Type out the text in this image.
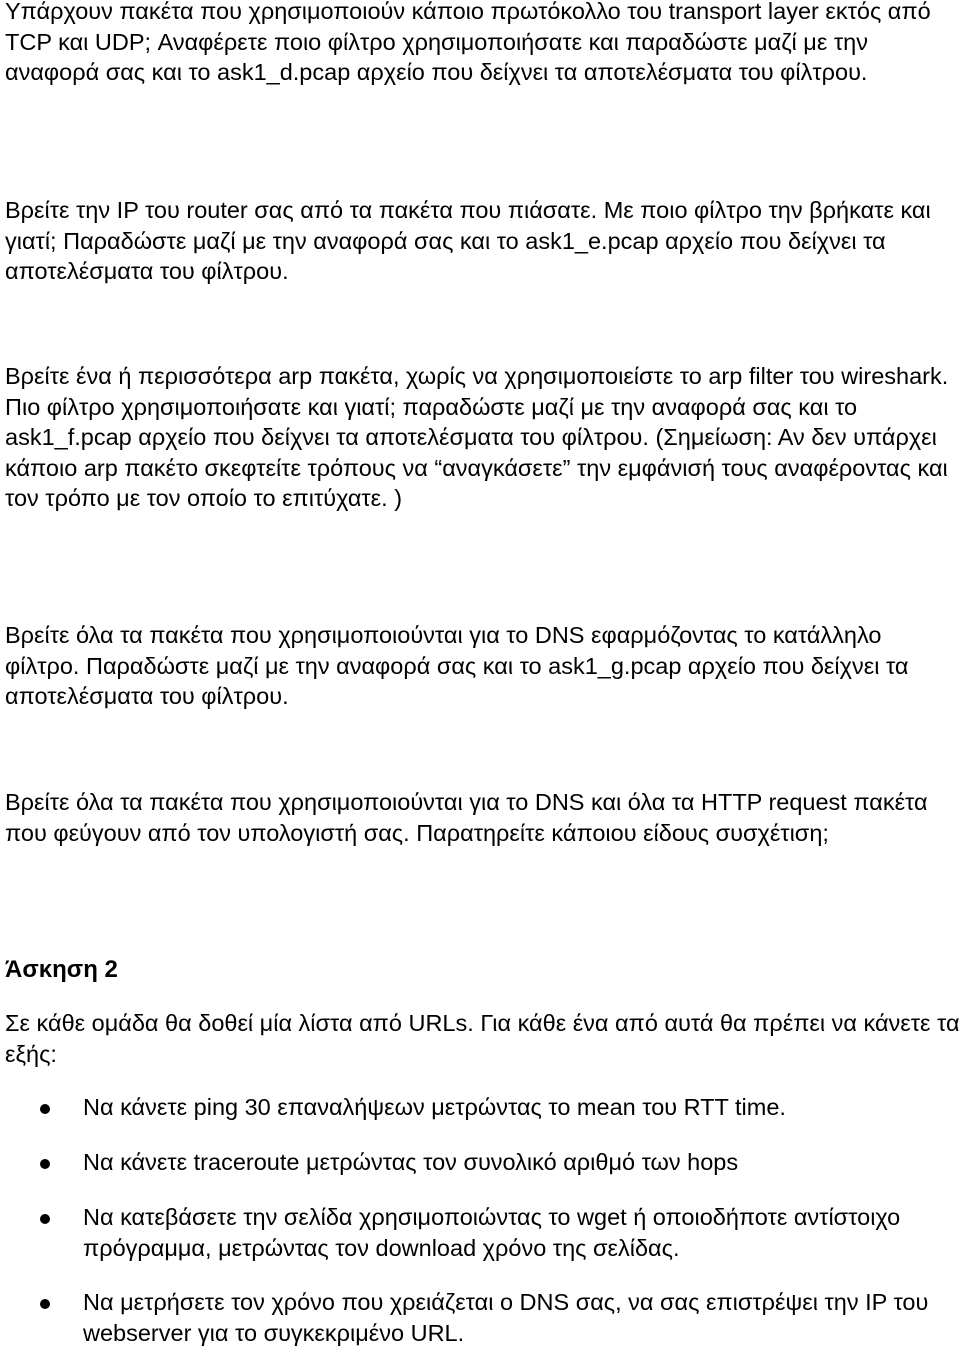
Υπάρχουν πακέτα που χρησιμοποιούν κάποιο πρωτόκολλο του transport layer εκτός από TCP και UDP; Αναφέρετε ποιο φίλτρο χρησιμοποιήσατε και παραδώστε μαζί με την αναφορά σας και το ask1_d.pcap αρχείο που δείχνει τα αποτελέσματα του φίλτρου.

Βρείτε την IP του router σας από τα πακέτα που πιάσατε. Με ποιο φίλτρο την βρήκατε και γιατί; Παραδώστε μαζί με την αναφορά σας και το ask1_e.pcap αρχείο που δείχνει τα αποτελέσματα του φίλτρου.

Βρείτε ένα ή περισσότερα arp πακέτα, χωρίς να χρησιμοποιείστε το arp filter του wireshark. Πιο φίλτρο χρησιμοποιήσατε και γιατί; παραδώστε μαζί με την αναφορά σας και το ask1_f.pcap αρχείο που δείχνει τα αποτελέσματα του φίλτρου. (Σημείωση: Αν δεν υπάρχει κάποιο arp πακέτο σκεφτείτε τρόπους να “αναγκάσετε” την εμφάνισή τους αναφέροντας και τον τρόπο με τον οποίο το επιτύχατε. )

Βρείτε όλα τα πακέτα που χρησιμοποιούνται για το DNS εφαρμόζοντας το κατάλληλο φίλτρο. Παραδώστε μαζί με την αναφορά σας και το ask1_g.pcap αρχείο που δείχνει τα αποτελέσματα του φίλτρου.

Βρείτε όλα τα πακέτα που χρησιμοποιούνται για το DNS και όλα τα HTTP request πακέτα που φεύγουν από τον υπολογιστή σας. Παρατηρείτε κάποιου είδους συσχέτιση;

Άσκηση 2

Σε κάθε ομάδα θα δοθεί μία λίστα από URLs. Για κάθε ένα από αυτά θα πρέπει να κάνετε τα εξής:

Να κάνετε ping 30 επαναλήψεων μετρώντας το mean του RTT time.

Να κάνετε traceroute μετρώντας τον συνολικό αριθμό των hops

Να κατεβάσετε την σελίδα χρησιμοποιώντας το wget ή οποιοδήποτε αντίστοιχο πρόγραμμα, μετρώντας τον download χρόνο της σελίδας.

Να μετρήσετε τον χρόνο που χρειάζεται ο DNS σας, να σας επιστρέψει την IP του webserver για το συγκεκριμένο URL.
